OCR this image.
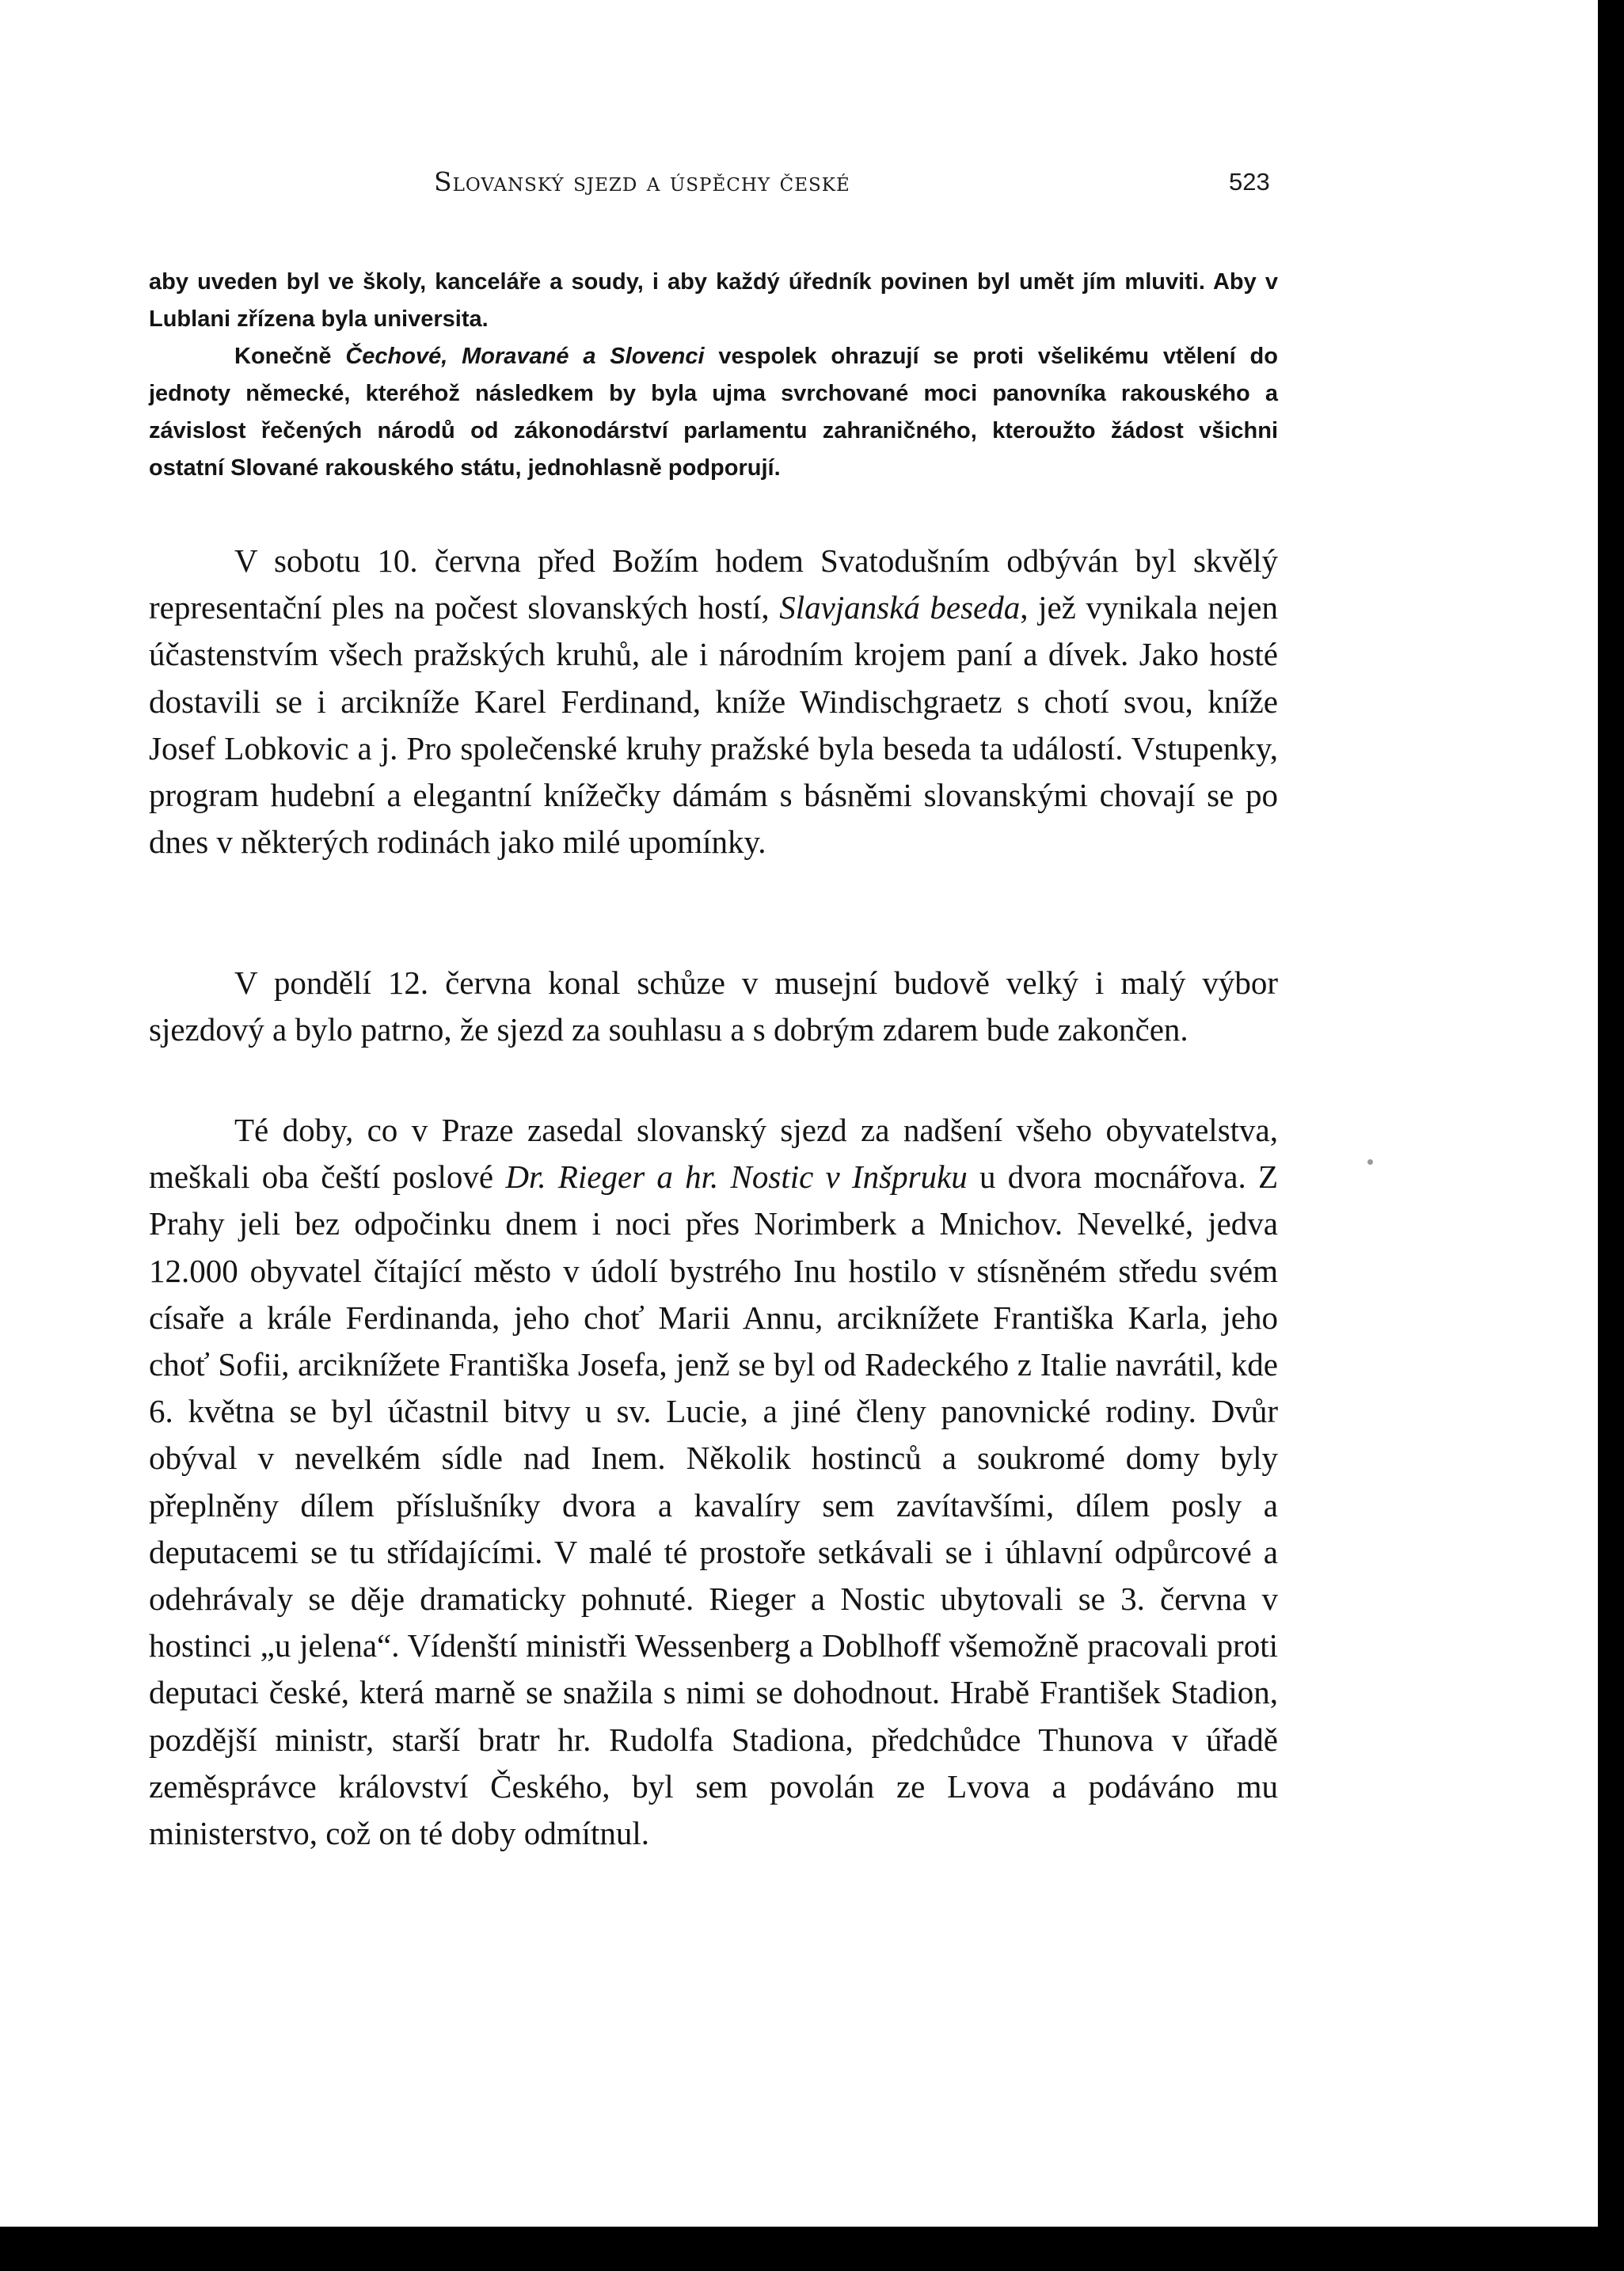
Slovanský sjezd a úspěchy české	523

aby uveden byl ve školy, kanceláře a soudy, i aby každý úředník povinen byl umět jím mluviti. Aby v Lublani zřízena byla universita.

Konečně Čechové, Moravané a Slovenci vespolek ohrazují se proti všelikému vtělení do jednoty německé, kteréhož následkem by byla ujma svrchované moci panovníka rakouského a závislost řečených národů od zákonodárství parlamentu zahraničného, kteroužto žádost všichni ostatní Slované rakouského státu, jednohlasně podporují.

V sobotu 10. června před Božím hodem Svatodušním odbýván byl skvělý representační ples na počest slovanských hostí, Slavjanská beseda, jež vynikala nejen účastenstvím všech pražských kruhů, ale i národním krojem paní a dívek. Jako hosté dostavili se i arcikníže Karel Ferdinand, kníže Windischgraetz s chotí svou, kníže Josef Lobkovic a j. Pro společenské kruhy pražské byla beseda ta událostí. Vstupenky, program hudební a elegantní knížečky dámám s básněmi slovanskými chovají se po dnes v některých rodinách jako milé upomínky.

V pondělí 12. června konal schůze v musejní budově velký i malý výbor sjezdový a bylo patrno, že sjezd za souhlasu a s dobrým zdarem bude zakončen.

Té doby, co v Praze zasedal slovanský sjezd za nadšení všeho obyvatelstva, meškali oba čeští poslové Dr. Rieger a hr. Nostic v Inšpruku u dvora mocnářova. Z Prahy jeli bez odpočinku dnem i noci přes Norimberk a Mnichov. Nevelké, jedva 12.000 obyvatel čítající město v údolí bystrého Inu hostilo v stísněném středu svém císaře a krále Ferdinanda, jeho choť Marii Annu, arciknížete Františka Karla, jeho choť Sofii, arciknížete Františka Josefa, jenž se byl od Radeckého z Italie navrátil, kde 6. května se byl účastnil bitvy u sv. Lucie, a jiné členy panovnické rodiny. Dvůr obýval v nevelkém sídle nad Inem. Několik hostinců a soukromé domy byly přeplněny dílem příslušníky dvora a kavalíry sem zavítavšími, dílem posly a deputacemi se tu střídajícími. V malé té prostoře setkávali se i úhlavní odpůrcové a odehrávaly se děje dramaticky pohnuté. Rieger a Nostic ubytovali se 3. června v hostinci „u jelena“. Vídenští ministři Wessenberg a Doblhoff všemožně pracovali proti deputaci české, která marně se snažila s nimi se dohodnout. Hrabě František Stadion, pozdější ministr, starší bratr hr. Rudolfa Stadiona, předchůdce Thunova v úřadě zeměsprávce království Českého, byl sem povolán ze Lvova a podáváno mu ministerstvo, což on té doby odmítnul.
